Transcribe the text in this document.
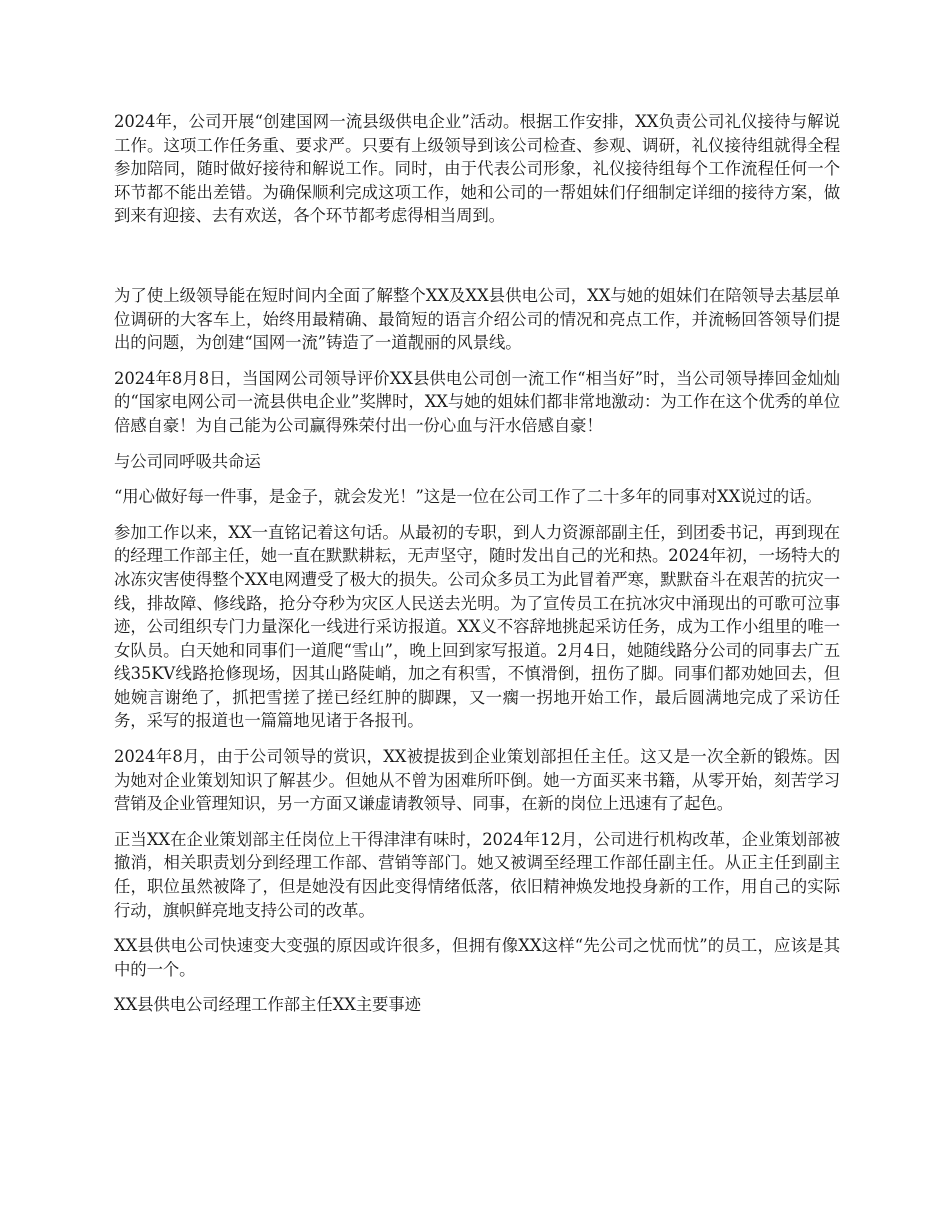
2024年，公司开展“创建国网一流县级供电企业”活动。根据工作安排，XX负责公司礼仪接待与解说工作。这项工作任务重、要求严。只要有上级领导到该公司检查、参观、调研，礼仪接待组就得全程参加陪同，随时做好接待和解说工作。同时，由于代表公司形象，礼仪接待组每个工作流程任何一个环节都不能出差错。为确保顺利完成这项工作，她和公司的一帮姐妹们仔细制定详细的接待方案，做到来有迎接、去有欢送，各个环节都考虑得相当周到。

为了使上级领导能在短时间内全面了解整个XX及XX县供电公司，XX与她的姐妹们在陪领导去基层单位调研的大客车上，始终用最精确、最简短的语言介绍公司的情况和亮点工作，并流畅回答领导们提出的问题，为创建“国网一流”铸造了一道靓丽的风景线。

2024年8月8日，当国网公司领导评价XX县供电公司创一流工作“相当好”时，当公司领导捧回金灿灿的“国家电网公司一流县供电企业”奖牌时，XX与她的姐妹们都非常地激动：为工作在这个优秀的单位倍感自豪！为自己能为公司赢得殊荣付出一份心血与汗水倍感自豪！

与公司同呼吸共命运

“用心做好每一件事，是金子，就会发光！”这是一位在公司工作了二十多年的同事对XX说过的话。

参加工作以来，XX一直铭记着这句话。从最初的专职，到人力资源部副主任，到团委书记，再到现在的经理工作部主任，她一直在默默耕耘，无声坚守，随时发出自己的光和热。2024年初，一场特大的冰冻灾害使得整个XX电网遭受了极大的损失。公司众多员工为此冒着严寒，默默奋斗在艰苦的抗灾一线，排故障、修线路，抢分夺秒为灾区人民送去光明。为了宣传员工在抗冰灾中涌现出的可歌可泣事迹，公司组织专门力量深化一线进行采访报道。XX义不容辞地挑起采访任务，成为工作小组里的唯一女队员。白天她和同事们一道爬“雪山”，晚上回到家写报道。2月4日，她随线路分公司的同事去广五线35KV线路抢修现场，因其山路陡峭，加之有积雪，不慎滑倒，扭伤了脚。同事们都劝她回去，但她婉言谢绝了，抓把雪搓了搓已经红肿的脚踝，又一瘸一拐地开始工作，最后圆满地完成了采访任务，采写的报道也一篇篇地见诸于各报刊。

2024年8月，由于公司领导的赏识，XX被提拔到企业策划部担任主任。这又是一次全新的锻炼。因为她对企业策划知识了解甚少。但她从不曾为困难所吓倒。她一方面买来书籍，从零开始，刻苦学习营销及企业管理知识，另一方面又谦虚请教领导、同事，在新的岗位上迅速有了起色。

正当XX在企业策划部主任岗位上干得津津有味时，2024年12月，公司进行机构改革，企业策划部被撤消，相关职责划分到经理工作部、营销等部门。她又被调至经理工作部任副主任。从正主任到副主任，职位虽然被降了，但是她没有因此变得情绪低落，依旧精神焕发地投身新的工作，用自己的实际行动，旗帜鲜亮地支持公司的改革。

XX县供电公司快速变大变强的原因或许很多，但拥有像XX这样“先公司之忧而忧”的员工，应该是其中的一个。

XX县供电公司经理工作部主任XX主要事迹
